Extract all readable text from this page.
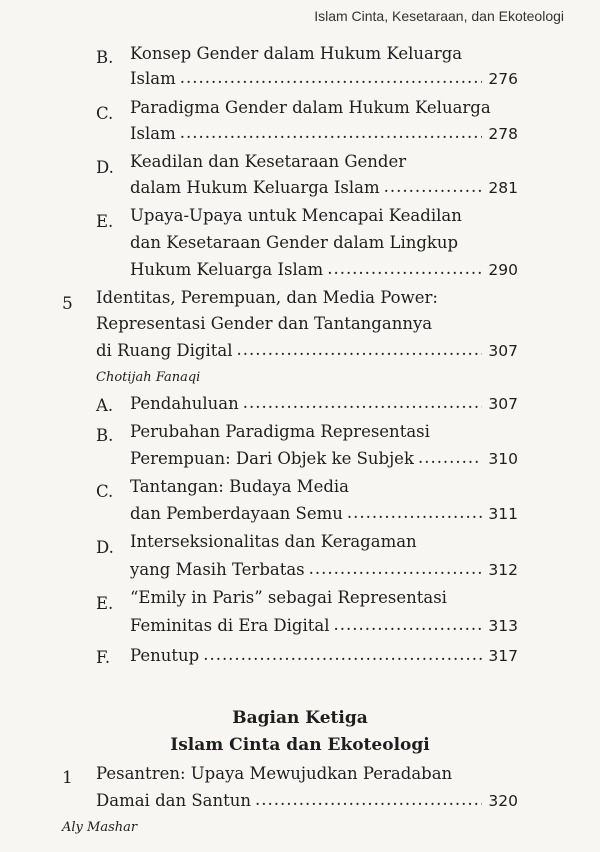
Islam Cinta, Kesetaraan, dan Ekoteologi
B. Konsep Gender dalam Hukum Keluarga
Islam .....	276
C. Paradigma Gender dalam Hukum Keluarga
Islam .....	278
D. Keadilan dan Kesetaraan Gender
dalam Hukum Keluarga Islam .....	281
E. Upaya-Upaya untuk Mencapai Keadilan
dan Kesetaraan Gender dalam Lingkup
Hukum Keluarga Islam .....	290
5 Identitas, Perempuan, dan Media Power:
Representasi Gender dan Tantangannya
di Ruang Digital .....	307
Chotijah Fanaqi
A. Pendahuluan .....	307
B. Perubahan Paradigma Representasi
Perempuan: Dari Objek ke Subjek .....	310
C. Tantangan: Budaya Media
dan Pemberdayaan Semu .....	311
D. Interseksionalitas dan Keragaman
yang Masih Terbatas .....	312
E. “Emily in Paris” sebagai Representasi
Feminitas di Era Digital .....	313
F. Penutup .....	317
Bagian Ketiga
Islam Cinta dan Ekoteologi
1 Pesantren: Upaya Mewujudkan Peradaban
Damai dan Santun .....	320
Aly Mashar
